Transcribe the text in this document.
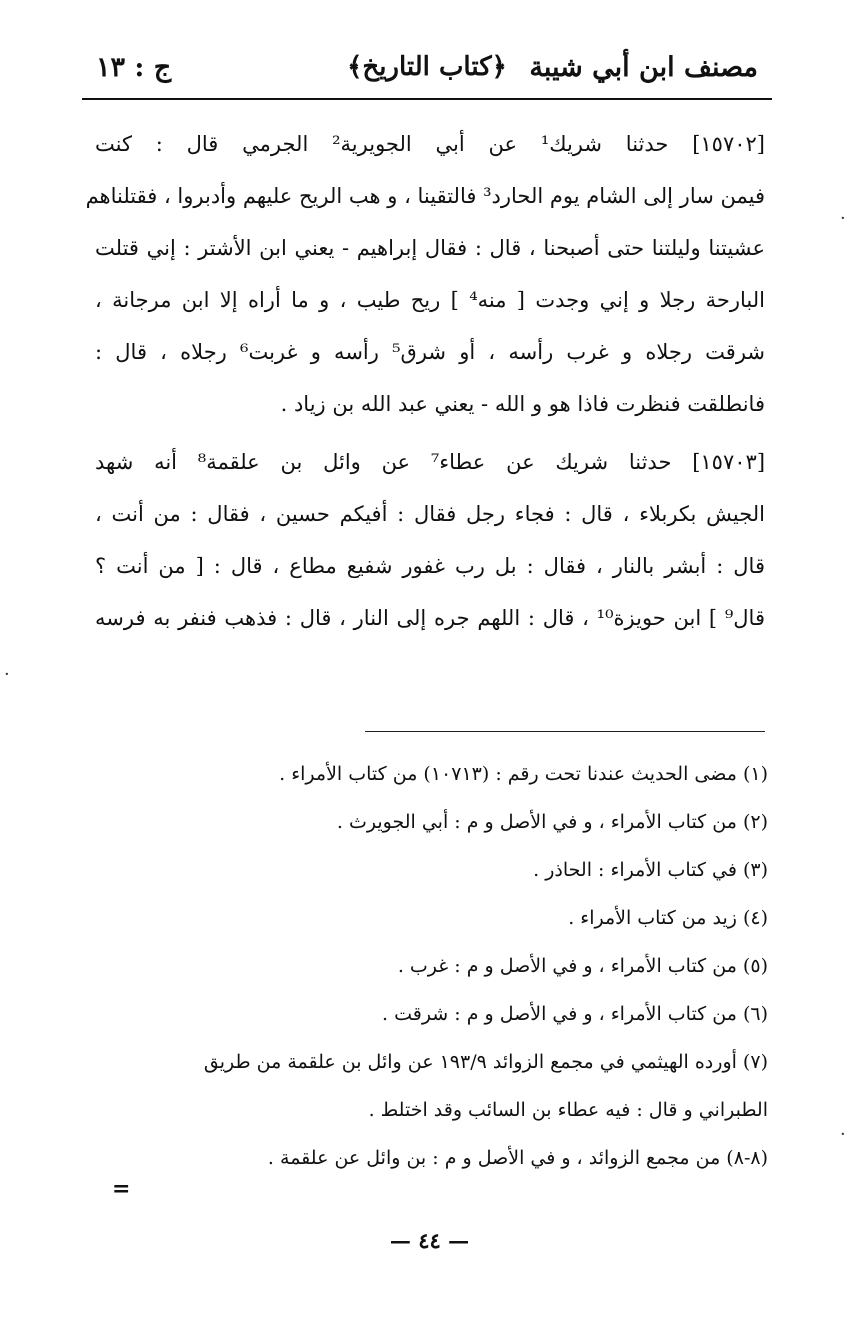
مصنف ابن أبي شيبة
﴿كتاب التاريخ﴾
ج : ١٣
[١٥٧٠٢] حدثنا شريك¹ عن أبي الجويرية² الجرمي قال : كنت
فيمن سار إلى الشام يوم الحارد³ فالتقينا ، و هب الريح عليهم وأدبروا ، فقتلناهم
عشيتنا وليلتنا حتى أصبحنا ، قال : فقال إبراهيم - يعني ابن الأشتر : إني قتلت
البارحة رجلا و إني وجدت [ منه⁴ ] ريح طيب ، و ما أراه إلا ابن مرجانة ،
شرقت رجلاه و غرب رأسه ، أو شرق⁵ رأسه و غربت⁶ رجلاه ، قال :
فانطلقت فنظرت فاذا هو و الله - يعني عبد الله بن زياد .
[١٥٧٠٣] حدثنا شريك عن عطاء⁷ عن وائل بن علقمة⁸ أنه شهد
الجيش بكربلاء ، قال : فجاء رجل فقال : أفيكم حسين ، فقال : من أنت ،
قال : أبشر بالنار ، فقال : بل رب غفور شفيع مطاع ، قال : [ من أنت ؟
قال⁹ ] ابن حويزة¹⁰ ، قال : اللهم جره إلى النار ، قال : فذهب فنفر به فرسه
(١) مضى الحديث عندنا تحت رقم : (١٠٧١٣) من كتاب الأمراء .
(٢) من كتاب الأمراء ، و في الأصل و م : أبي الجويرث .
(٣) في كتاب الأمراء : الحاذر .
(٤) زيد من كتاب الأمراء .
(٥) من كتاب الأمراء ، و في الأصل و م : غرب .
(٦) من كتاب الأمراء ، و في الأصل و م : شرقت .
(٧) أورده الهيثمي في مجمع الزوائد ١٩٣/٩ عن وائل بن علقمة من طريق
الطبراني و قال : فيه عطاء بن السائب وقد اختلط .
(٨-٨) من مجمع الزوائد ، و في الأصل و م : بن وائل عن علقمة .
=
— ٤٤ —
·
·
·
